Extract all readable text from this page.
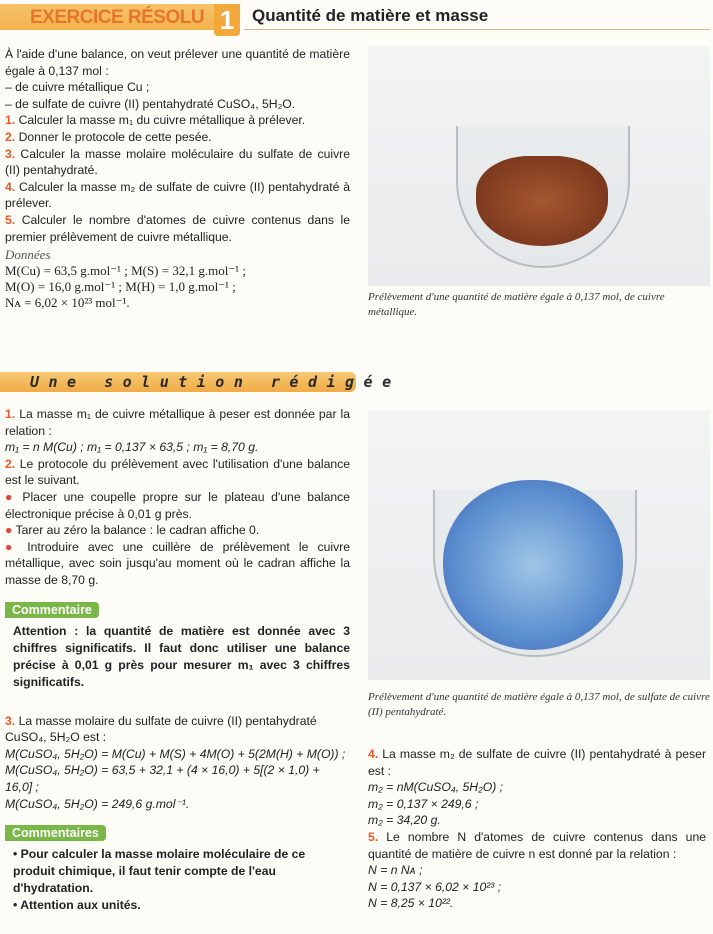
EXERCICE RÉSOLU 1	Quantité de matière et masse

À l'aide d'une balance, on veut prélever une quantité de matière égale à 0,137 mol :

– de cuivre métallique Cu ;

– de sulfate de cuivre (II) pentahydraté CuSO₄, 5H₂O.

1. Calculer la masse m₁ du cuivre métallique à prélever.

2. Donner le protocole de cette pesée.

3. Calculer la masse molaire moléculaire du sulfate de cuivre (II) pentahydraté.

4. Calculer la masse m₂ de sulfate de cuivre (II) pentahydraté à prélever.

5. Calculer le nombre d'atomes de cuivre contenus dans le premier prélèvement de cuivre métallique.

Données

M(Cu) = 63,5 g.mol⁻¹ ; M(S) = 32,1 g.mol⁻¹ ;

M(O) = 16,0 g.mol⁻¹ ; M(H) = 1,0 g.mol⁻¹ ;

Nᴀ = 6,02 × 10²³ mol⁻¹.	Prélèvement d'une quantité de matière égale à 0,137 mol, de cuivre métallique.
Une solution rédigée

1. La masse m₁ de cuivre métallique à peser est donnée par la relation :

m₁ = n M(Cu) ; m₁ = 0,137 × 63,5 ; m₁ = 8,70 g.

2. Le protocole du prélèvement avec l'utilisation d'une balance est le suivant.

● Placer une coupelle propre sur le plateau d'une balance électronique précise à 0,01 g près.

● Tarer au zéro la balance : le cadran affiche 0.

● Introduire avec une cuillère de prélèvement le cuivre métallique, avec soin jusqu'au moment où le cadran affiche la masse de 8,70 g.

Commentaire
Attention : la quantité de matière est donnée avec 3 chiffres significatifs. Il faut donc utiliser une balance précise à 0,01 g près pour mesurer m₁ avec 3 chiffres significatifs.

3. La masse molaire du sulfate de cuivre (II) pentahydraté CuSO₄, 5H₂O est :

M(CuSO₄, 5H₂O) = M(Cu) + M(S) + 4M(O) + 5(2M(H) + M(O)) ;

M(CuSO₄, 5H₂O) = 63,5 + 32,1 + (4 × 16,0) + 5[(2 × 1,0) + 16,0] ;

M(CuSO₄, 5H₂O) = 249,6 g.mol⁻¹.

Commentaires
• Pour calculer la masse molaire moléculaire de ce produit chimique, il faut tenir compte de l'eau d'hydratation.
• Attention aux unités.
Prélèvement d'une quantité de matière égale à 0,137 mol, de sulfate de cuivre (II) pentahydraté.

4. La masse m₂ de sulfate de cuivre (II) pentahydraté à peser est :

m₂ = nM(CuSO₄, 5H₂O) ;

m₂ = 0,137 × 249,6 ;

m₂ = 34,20 g.

5. Le nombre N d'atomes de cuivre contenus dans une quantité de matière de cuivre n est donné par la relation :

N = n Nᴀ ;

N = 0,137 × 6,02 × 10²³ ;

N = 8,25 × 10²².
